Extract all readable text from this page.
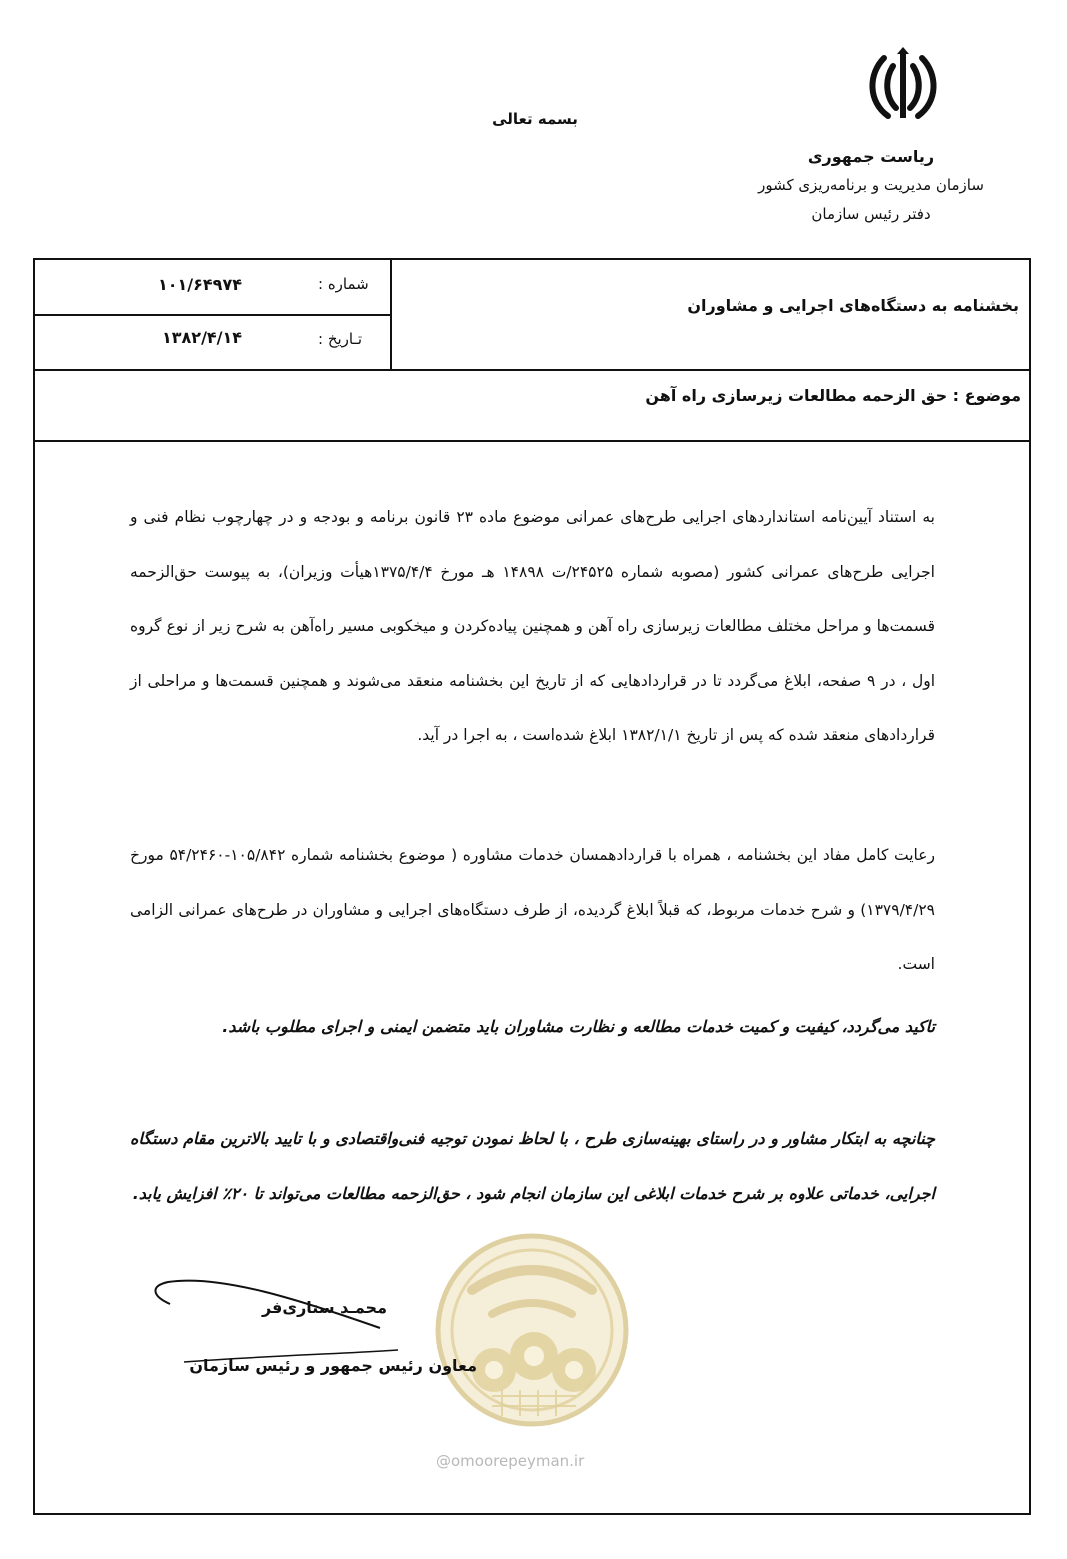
بسمه تعالی
ریاست جمهوری
سازمان مدیریت و برنامه‌ریزی کشور
دفتر رئیس سازمان
شماره :
۱۰۱/۶۴۹۷۴
تـاریخ :
۱۳۸۲/۴/۱۴
بخشنامه به دستگاه‌های اجرایی و مشاوران
موضوع : حق الزحمه مطالعات زیرسازی راه آهن

به استناد آیین‌نامه استانداردهای اجرایی طرح‌های عمرانی موضوع ماده ۲۳ قانون برنامه و بودجه و در چهارچوب نظام فنی و اجرایی طرح‌های عمرانی کشور (مصوبه شماره ۲۴۵۲۵/ت ۱۴۸۹۸ هـ مورخ ۱۳۷۵/۴/۴هیأت وزیران)، به پیوست حق‌الزحمه قسمت‌ها و مراحل مختلف مطالعات زیرسازی راه آهن و همچنین پیاده‌کردن و میخکوبی مسیر راه‌آهن به شرح زیر از نوع گروه اول ، در ۹ صفحه، ابلاغ می‌گردد تا در قراردادهایی که از تاریخ این بخشنامه منعقد می‌شوند و همچنین قسمت‌ها و مراحلی از قراردادهای منعقد شده که پس از تاریخ ۱۳۸۲/۱/۱ ابلاغ شده‌است ، به اجرا در آید.

رعایت کامل مفاد این بخشنامه ، همراه با قراردادهمسان خدمات مشاوره ( موضوع بخشنامه شماره ۱۰۵/۸۴۲-۵۴/۲۴۶۰ مورخ ۱۳۷۹/۴/۲۹) و شرح خدمات مربوط، که قبلاً ابلاغ گردیده، از طرف دستگاه‌های اجرایی و مشاوران در طرح‌های عمرانی الزامی است.

تاکید می‌گردد، کیفیت و کمیت خدمات مطالعه و نظارت مشاوران باید متضمن ایمنی و اجرای مطلوب باشد.

چنانچه به ابتکار مشاور و در راستای بهینه‌سازی طرح ، با لحاظ نمودن توجیه فنی‌واقتصادی و با تایید بالاترین مقام دستگاه اجرایی، خدماتی علاوه بر شرح خدمات ابلاغی این سازمان انجام شود ، حق‌الزحمه مطالعات می‌تواند تا ۲۰٪ افزایش یابد.

محمـد ستاری‌فر
معاون رئیس جمهور و رئیس سازمان
@omoorepeyman.ir
